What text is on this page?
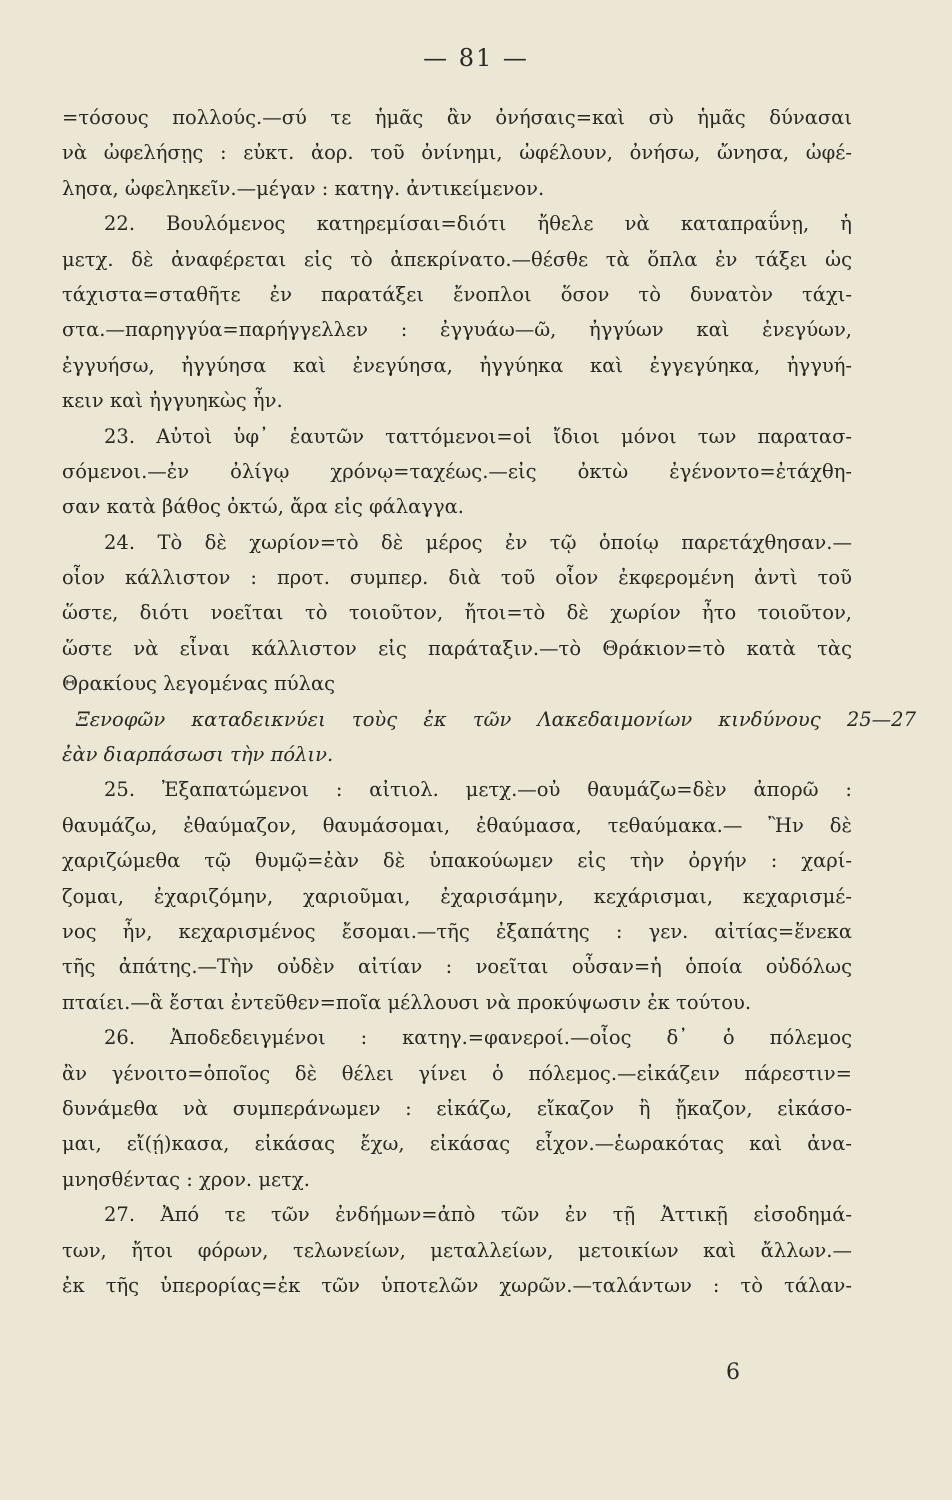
— 81 —
=τόσους πολλούς.—σύ τε ἡμᾶς ἂν ὀνήσαις=καὶ σὺ ἡμᾶς δύνασαι
νὰ ὠφελήσῃς : εὐκτ. ἀορ. τοῦ ὀνίνημι, ὠφέλουν, ὀνήσω, ὤνησα, ὠφέ-
λησα, ὠφεληκεῖν.—μέγαν : κατηγ. ἀντικείμενον.
22. Βουλόμενος κατηρεμίσαι=διότι ἤθελε νὰ καταπραΰνῃ, ἡ
μετχ. δὲ ἀναφέρεται εἰς τὸ ἀπεκρίνατο.—θέσθε τὰ ὅπλα ἐν τάξει ὡς
τάχιστα=σταθῆτε ἐν παρατάξει ἔνοπλοι ὅσον τὸ δυνατὸν τάχι-
στα.—παρηγγύα=παρήγγελλεν : ἐγγυάω—ῶ, ἠγγύων καὶ ἐνεγύων,
ἐγγυήσω, ἠγγύησα καὶ ἐνεγύησα, ἠγγύηκα καὶ ἐγγεγύηκα, ἠγγυή-
κειν καὶ ἠγγυηκὼς ἦν.
23. Αὐτοὶ ὑφ᾽ ἑαυτῶν ταττόμενοι=οἱ ἴδιοι μόνοι των παρατασ-
σόμενοι.—ἐν ὀλίγῳ χρόνῳ=ταχέως.—εἰς ὀκτὼ ἐγένοντο=ἐτάχθη-
σαν κατὰ βάθος ὀκτώ, ἄρα εἰς φάλαγγα.
24. Τὸ δὲ χωρίον=τὸ δὲ μέρος ἐν τῷ ὁποίῳ παρετάχθησαν.—
οἷον κάλλιστον : προτ. συμπερ. διὰ τοῦ οἷον ἐκφερομένη ἀντὶ τοῦ
ὥστε, διότι νοεῖται τὸ τοιοῦτον, ἤτοι=τὸ δὲ χωρίον ἦτο τοιοῦτον,
ὥστε νὰ εἶναι κάλλιστον εἰς παράταξιν.—τὸ Θράκιον=τὸ κατὰ τὰς
Θρακίους λεγομένας πύλας
Ξενοφῶν καταδεικνύει τοὺς ἐκ τῶν Λακεδαιμονίων κινδύνους 25—27
ἐὰν διαρπάσωσι τὴν πόλιν.
25. Ἐξαπατώμενοι : αἰτιολ. μετχ.—οὐ θαυμάζω=δὲν ἀπορῶ :
θαυμάζω, ἐθαύμαζον, θαυμάσομαι, ἐθαύμασα, τεθαύμακα.— Ἢν δὲ
χαριζώμεθα τῷ θυμῷ=ἐὰν δὲ ὑπακούωμεν εἰς τὴν ὀργήν : χαρί-
ζομαι, ἐχαριζόμην, χαριοῦμαι, ἐχαρισάμην, κεχάρισμαι, κεχαρισμέ-
νος ἦν, κεχαρισμένος ἔσομαι.—τῆς ἐξαπάτης : γεν. αἰτίας=ἕνεκα
τῆς ἀπάτης.—Τὴν οὐδὲν αἰτίαν : νοεῖται οὖσαν=ἡ ὁποία οὐδόλως
πταίει.—ἃ ἔσται ἐντεῦθεν=ποῖα μέλλουσι νὰ προκύψωσιν ἐκ τούτου.
26. Ἀποδεδειγμένοι : κατηγ.=φανεροί.—οἷος δ᾽ ὁ πόλεμος
ἂν γένοιτο=ὁποῖος δὲ θέλει γίνει ὁ πόλεμος.—εἰκάζειν πάρεστιν=
δυνάμεθα νὰ συμπεράνωμεν : εἰκάζω, εἴκαζον ἢ ᾔκαζον, εἰκάσο-
μαι, εἴ(ῄ)κασα, εἰκάσας ἔχω, εἰκάσας εἶχον.—ἑωρακότας καὶ ἀνα-
μνησθέντας : χρον. μετχ.
27. Ἀπό τε τῶν ἐνδήμων=ἀπὸ τῶν ἐν τῇ Ἀττικῇ εἰσοδημά-
των, ἤτοι φόρων, τελωνείων, μεταλλείων, μετοικίων καὶ ἄλλων.—
ἐκ τῆς ὑπερορίας=ἐκ τῶν ὑποτελῶν χωρῶν.—ταλάντων : τὸ τάλαν-
6
